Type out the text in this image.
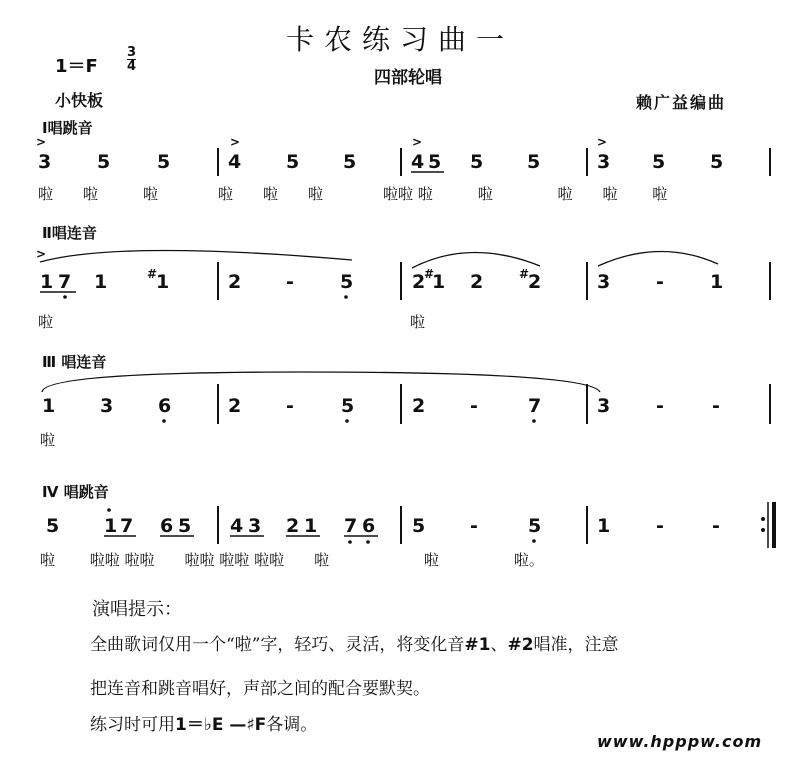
卡农练习曲一
四部轮唱
1＝F
3
4
小快板	赖广益编曲
Ⅰ唱跳音
Ⅱ唱连音
Ⅲ 唱连音
Ⅳ 唱跳音
>	>	>	>
3 5 5	4 5 5	4 5 5 5	3 5 5
>
1 7 1	#
1	2 - 5	2
#
1 2	#
2	3 - 1
1 3 6	2 - 5	2 -	7	3 -	-
5 1 7 6 5 4 3 2 1 7 6 5 -	5	1 -	-
啦　　啦　　　啦　　　　啦　　啦　　啦　　　　啦啦 啦　　　啦　　　　 啦　　啦　　 啦
啦	啦
啦
啦　　 啦啦 啦啦　　啦啦 啦啦 啦啦　　啦　　　　　　 啦　　　　　啦。
演唱提示：
全曲歌词仅用一个“啦”字，轻巧、灵活，将变化音#1、#2唱准，注意
把连音和跳音唱好，声部之间的配合要默契。
练习时可用1＝♭E —♯F各调。
www.hpppw.com
